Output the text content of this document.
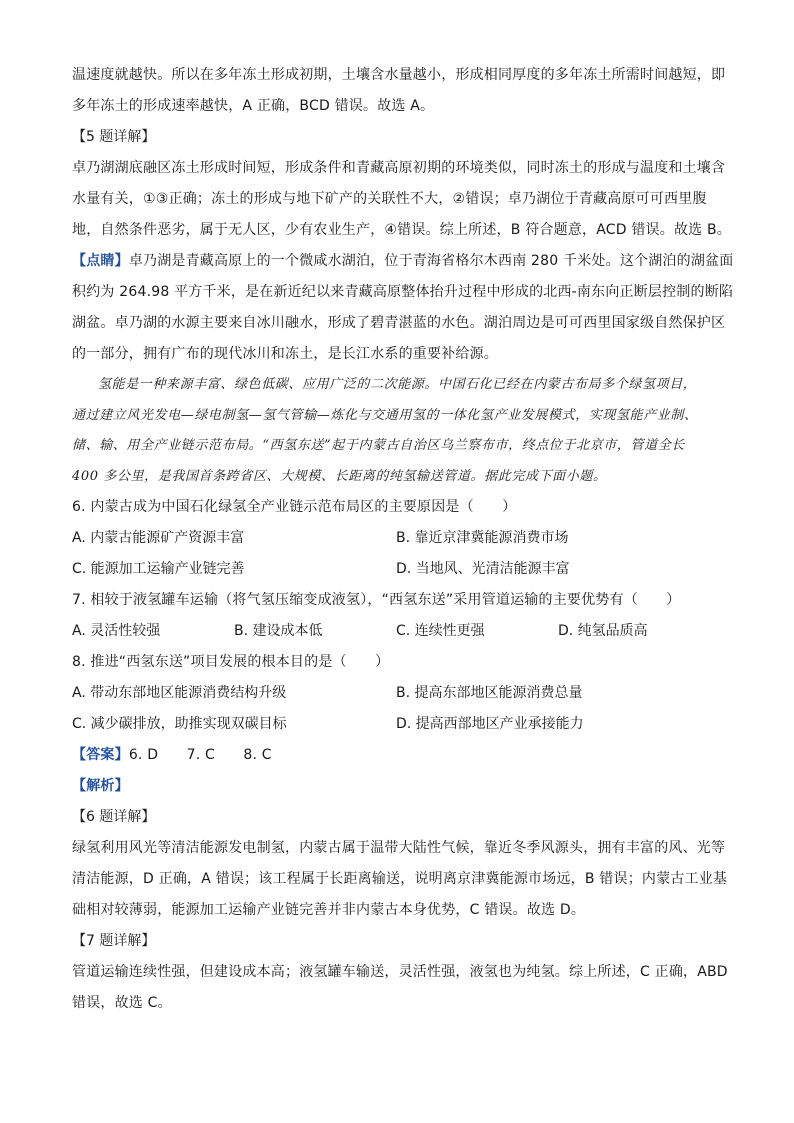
温速度就越快。所以在多年冻土形成初期，土壤含水量越小，形成相同厚度的多年冻土所需时间越短，即
多年冻土的形成速率越快，A 正确，BCD 错误。故选 A。
【5 题详解】
卓乃湖湖底融区冻土形成时间短，形成条件和青藏高原初期的环境类似，同时冻土的形成与温度和土壤含
水量有关，①③正确；冻土的形成与地下矿产的关联性不大，②错误；卓乃湖位于青藏高原可可西里腹
地，自然条件恶劣，属于无人区，少有农业生产，④错误。综上所述，B 符合题意，ACD 错误。故选 B。
【点睛】卓乃湖是青藏高原上的一个微咸水湖泊，位于青海省格尔木西南 280 千米处。这个湖泊的湖盆面
积约为 264.98 平方千米，是在新近纪以来青藏高原整体抬升过程中形成的北西-南东向正断层控制的断陷
湖盆。卓乃湖的水源主要来自冰川融水，形成了碧青湛蓝的水色。湖泊周边是可可西里国家级自然保护区
的一部分，拥有广布的现代冰川和冻土，是长江水系的重要补给源。
氢能是一种来源丰富、绿色低碳、应用广泛的二次能源。中国石化已经在内蒙古布局多个绿氢项目，
通过建立风光发电—绿电制氢—氢气管输—炼化与交通用氢的一体化氢产业发展模式，实现氢能产业制、
储、输、用全产业链示范布局。“西氢东送”起于内蒙古自治区乌兰察布市，终点位于北京市，管道全长
400 多公里，是我国首条跨省区、大规模、长距离的纯氢输送管道。据此完成下面小题。
6. 内蒙古成为中国石化绿氢全产业链示范布局区的主要原因是（　　）
A. 内蒙古能源矿产资源丰富	B. 靠近京津冀能源消费市场
C. 能源加工运输产业链完善	D. 当地风、光清洁能源丰富
7. 相较于液氢罐车运输（将气氢压缩变成液氢），“西氢东送”采用管道运输的主要优势有（　　）
A. 灵活性较强	B. 建设成本低	C. 连续性更强	D. 纯氢品质高
8. 推进“西氢东送”项目发展的根本目的是（　　）
A. 带动东部地区能源消费结构升级	B. 提高东部地区能源消费总量
C. 减少碳排放，助推实现双碳目标	D. 提高西部地区产业承接能力
【答案】6. D　　7. C　　8. C
【解析】
【6 题详解】
绿氢利用风光等清洁能源发电制氢，内蒙古属于温带大陆性气候，靠近冬季风源头，拥有丰富的风、光等
清洁能源，D 正确，A 错误；该工程属于长距离输送，说明离京津冀能源市场远，B 错误；内蒙古工业基
础相对较薄弱，能源加工运输产业链完善并非内蒙古本身优势，C 错误。故选 D。
【7 题详解】
管道运输连续性强，但建设成本高；液氢罐车输送，灵活性强，液氢也为纯氢。综上所述，C 正确，ABD
错误，故选 C。
